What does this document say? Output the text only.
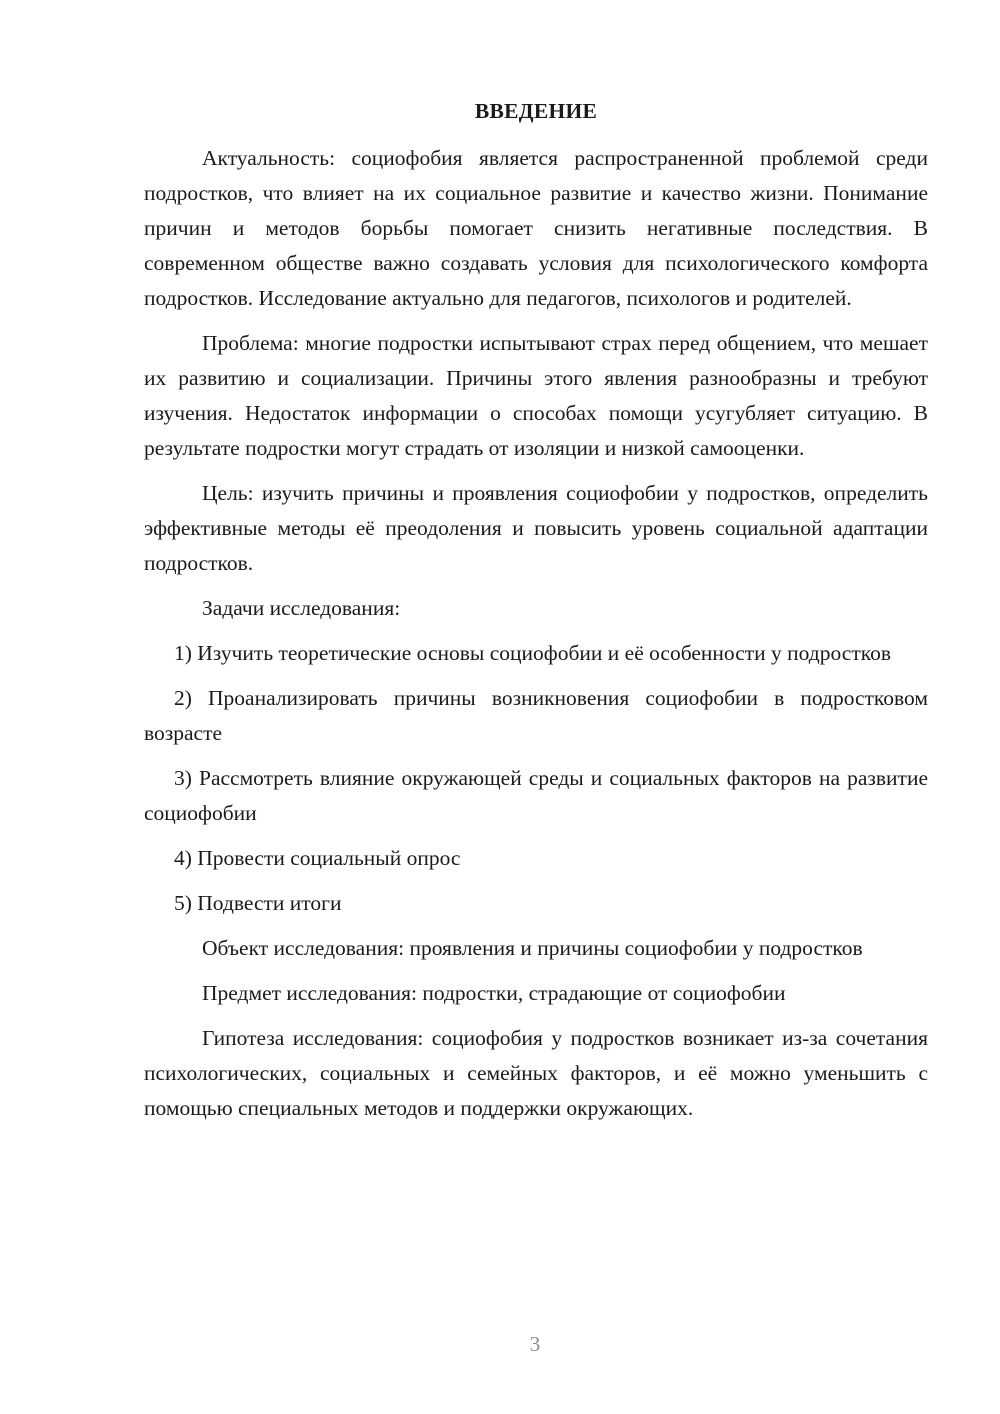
ВВЕДЕНИЕ

Актуальность: социофобия является распространенной проблемой среди подростков, что влияет на их социальное развитие и качество жизни. Понимание причин и методов борьбы помогает снизить негативные последствия. В современном обществе важно создавать условия для психологического комфорта подростков. Исследование актуально для педагогов, психологов и родителей.

Проблема: многие подростки испытывают страх перед общением, что мешает их развитию и социализации. Причины этого явления разнообразны и требуют изучения. Недостаток информации о способах помощи усугубляет ситуацию. В результате подростки могут страдать от изоляции и низкой самооценки.

Цель: изучить причины и проявления социофобии у подростков, определить эффективные методы её преодоления и повысить уровень социальной адаптации подростков.

Задачи исследования:

1) Изучить теоретические основы социофобии и её особенности у подростков

2) Проанализировать причины возникновения социофобии в подростковом возрасте

3) Рассмотреть влияние окружающей среды и социальных факторов на развитие социофобии

4) Провести социальный опрос

5) Подвести итоги

Объект исследования: проявления и причины социофобии у подростков

Предмет исследования: подростки, страдающие от социофобии

Гипотеза исследования: социофобия у подростков возникает из-за сочетания психологических, социальных и семейных факторов, и её можно уменьшить с помощью специальных методов и поддержки окружающих.

3
